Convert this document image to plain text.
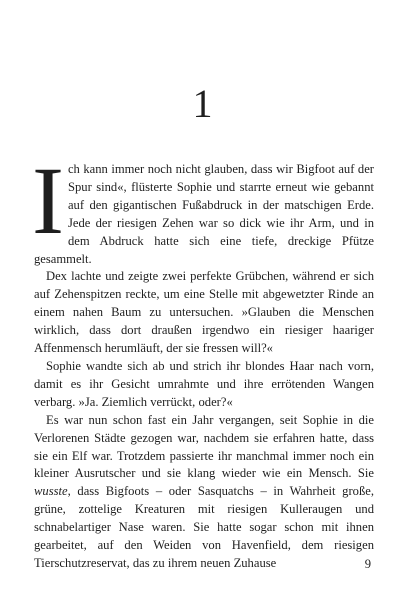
1

Ich kann immer noch nicht glauben, dass wir Bigfoot auf der Spur sind«, flüsterte Sophie und starrte erneut wie gebannt auf den gigantischen Fußabdruck in der matschigen Erde. Jede der riesigen Zehen war so dick wie ihr Arm, und in dem Abdruck hatte sich eine tiefe, dreckige Pfütze gesammelt.

Dex lachte und zeigte zwei perfekte Grübchen, während er sich auf Zehenspitzen reckte, um eine Stelle mit abgewetzter Rinde an einem nahen Baum zu untersuchen. »Glauben die Menschen wirklich, dass dort draußen irgendwo ein riesiger haariger Affenmensch herumläuft, der sie fressen will?«

Sophie wandte sich ab und strich ihr blondes Haar nach vorn, damit es ihr Gesicht umrahmte und ihre errötenden Wangen verbarg. »Ja. Ziemlich verrückt, oder?«

Es war nun schon fast ein Jahr vergangen, seit Sophie in die Verlorenen Städte gezogen war, nachdem sie erfahren hatte, dass sie ein Elf war. Trotzdem passierte ihr manchmal immer noch ein kleiner Ausrutscher und sie klang wieder wie ein Mensch. Sie wusste, dass Bigfoots – oder Sasquatchs – in Wahrheit große, grüne, zottelige Kreaturen mit riesigen Kulleraugen und schnabelartiger Nase waren. Sie hatte sogar schon mit ihnen gearbeitet, auf den Weiden von Havenfield, dem riesigen Tierschutzreservat, das zu ihrem neuen Zuhause	9
